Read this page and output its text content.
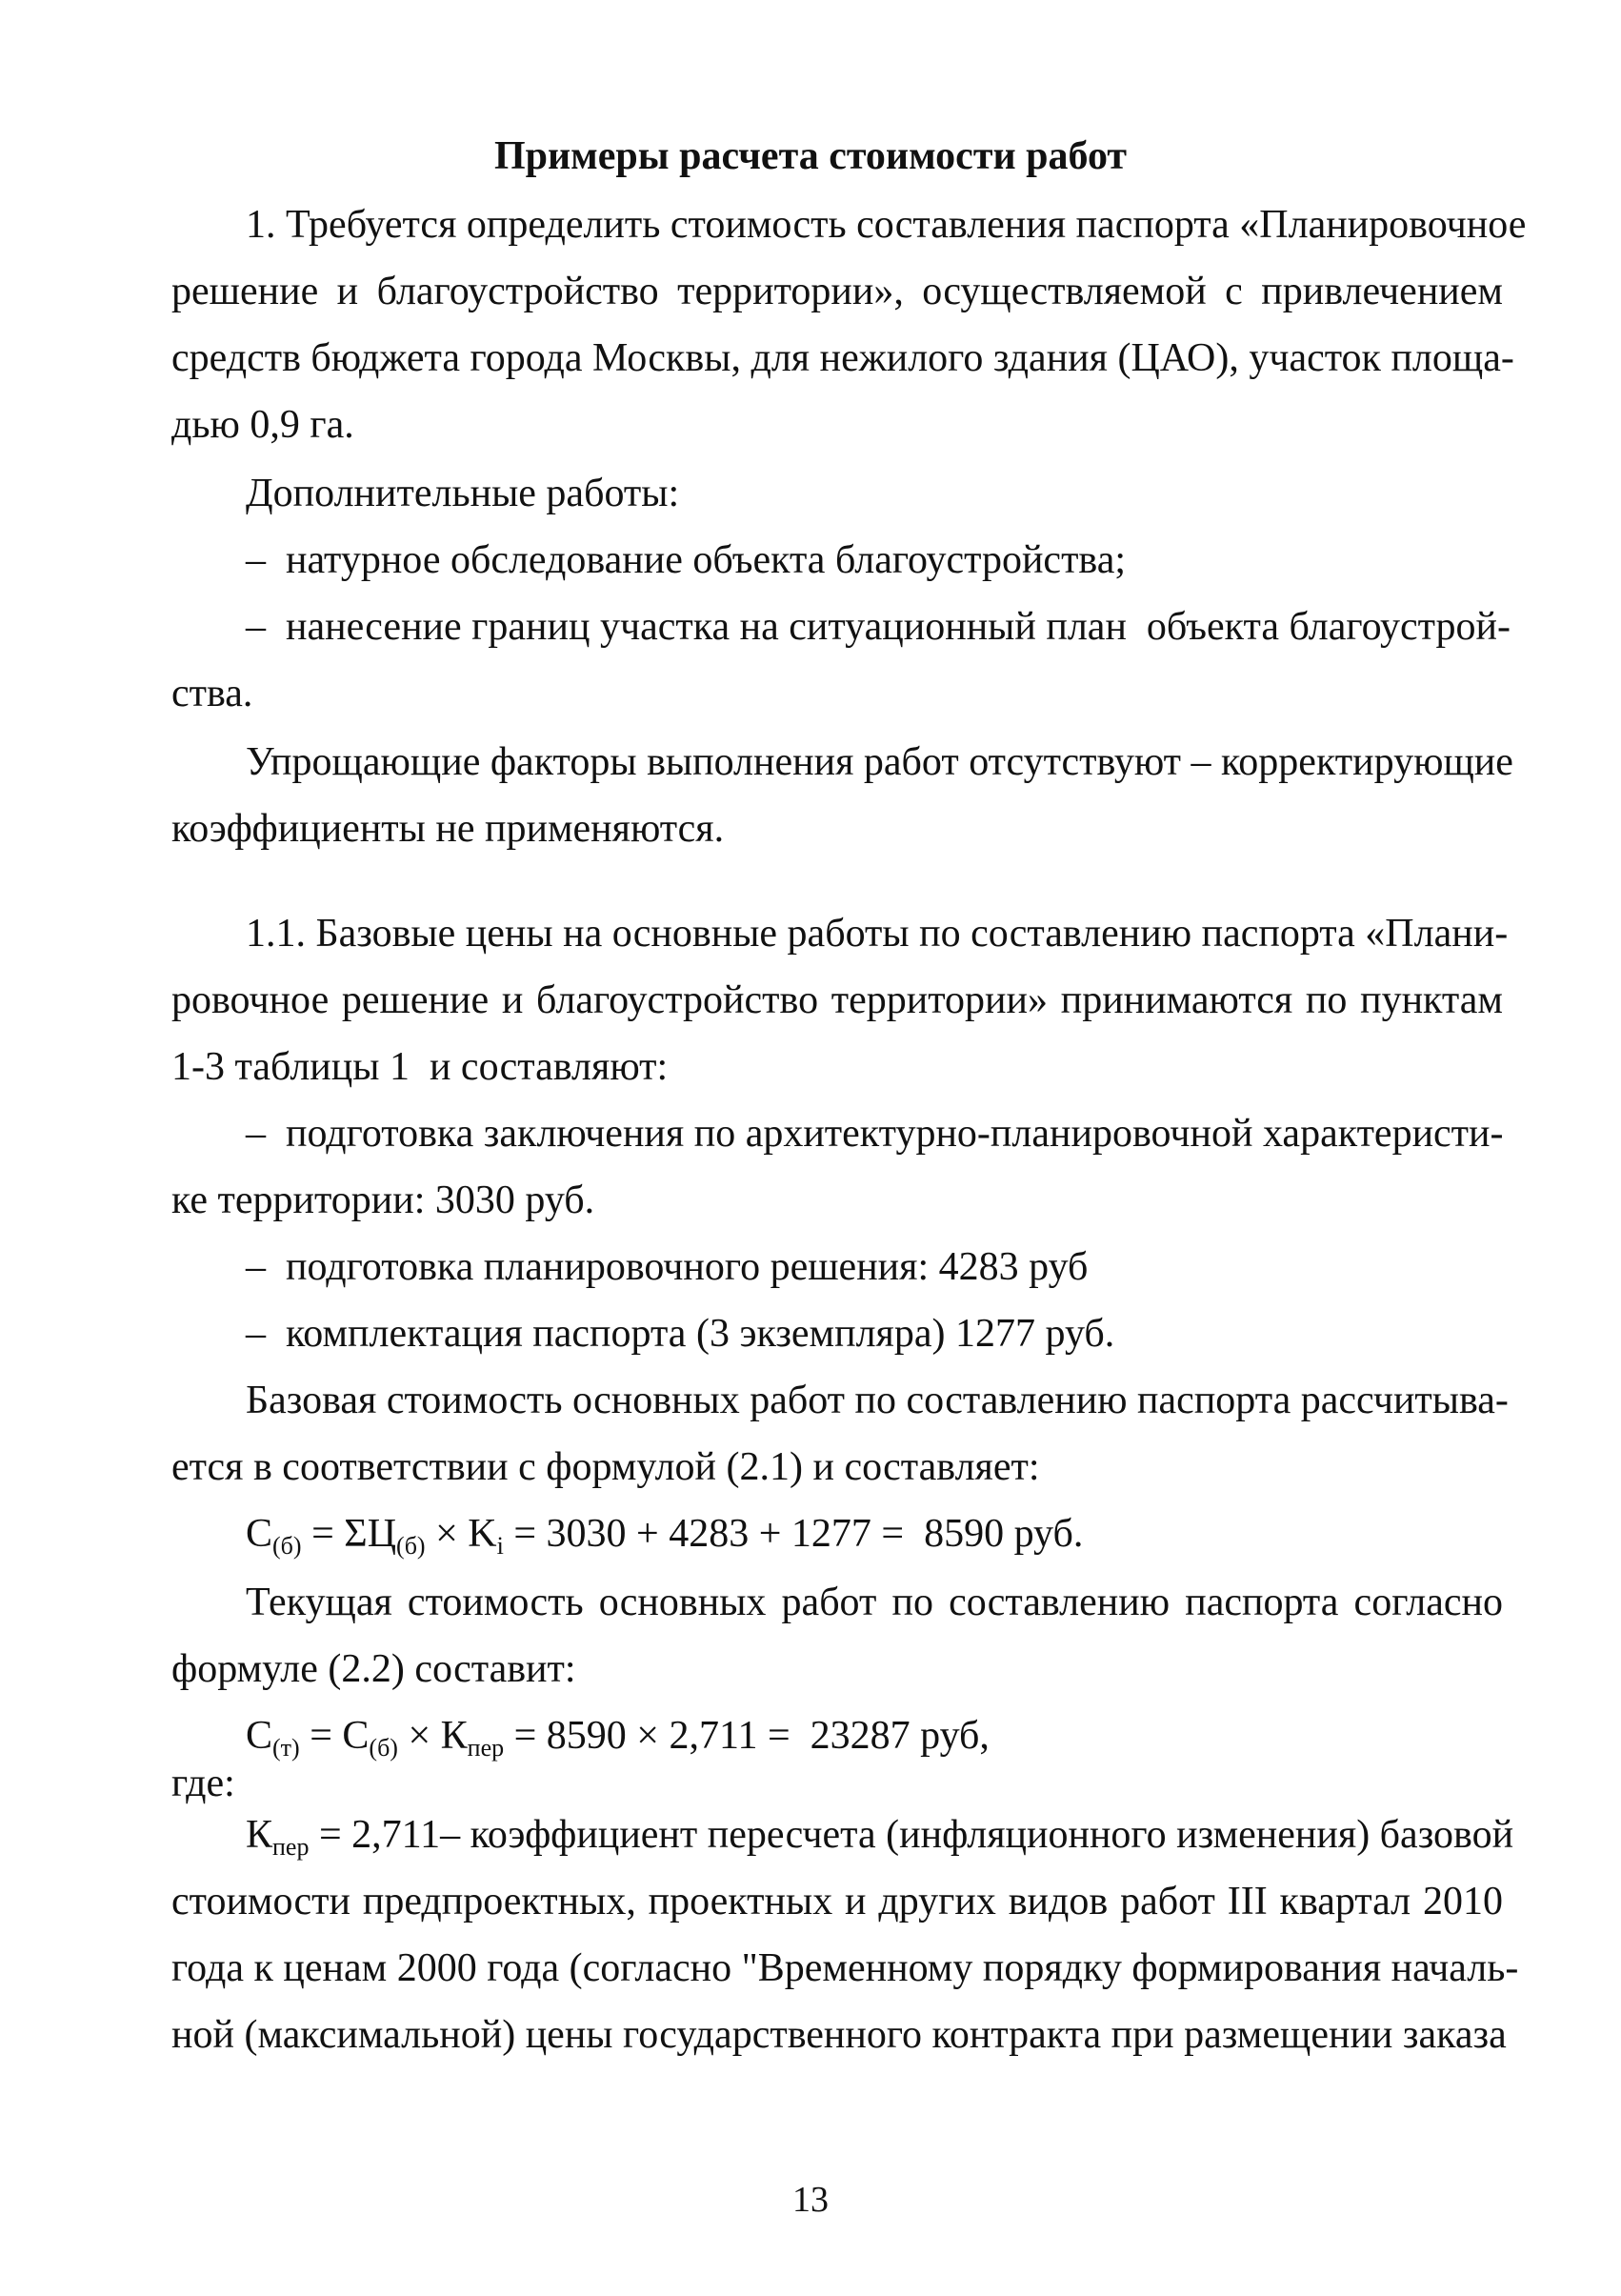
Примеры расчета стоимости работ
1. Требуется определить стоимость составления паспорта «Планировочное
решение и благоустройство территории», осуществляемой с привлечением
средств бюджета города Москвы, для нежилого здания (ЦАО), участок площа-
дью 0,9 га.
Дополнительные работы:
–  натурное обследование объекта благоустройства;
–  нанесение границ участка на ситуационный план  объекта благоустрой-
ства.
Упрощающие факторы выполнения работ отсутствуют – корректирующие
коэффициенты не применяются.
1.1. Базовые цены на основные работы по составлению паспорта «Плани-
ровочное решение и благоустройство территории» принимаются по пунктам
1-3 таблицы 1  и составляют:
–  подготовка заключения по архитектурно-планировочной характеристи-
ке территории: 3030 руб.
–  подготовка планировочного решения: 4283 руб
–  комплектация паспорта (3 экземпляра) 1277 руб.
Базовая стоимость основных работ по составлению паспорта рассчитыва-
ется в соответствии с формулой (2.1) и составляет:
$С_{(б)} = \Sigma Ц_{(б)} \times K_i = 3030 + 4283 + 1277 = 8590$ руб.
Текущая стоимость основных работ по составлению паспорта согласно
формуле (2.2) составит:
$С_{(т)} = С_{(б)} \times К_{пер} = 8590 \times 2,711 = 23287$ руб,
где:
$К_{пер} = 2,711-$ коэффициент пересчета (инфляционного изменения) базовой
стоимости предпроектных, проектных и других видов работ III квартал 2010
года к ценам 2000 года (согласно "Временному порядку формирования началь-
ной (максимальной) цены государственного контракта при размещении заказа
13
